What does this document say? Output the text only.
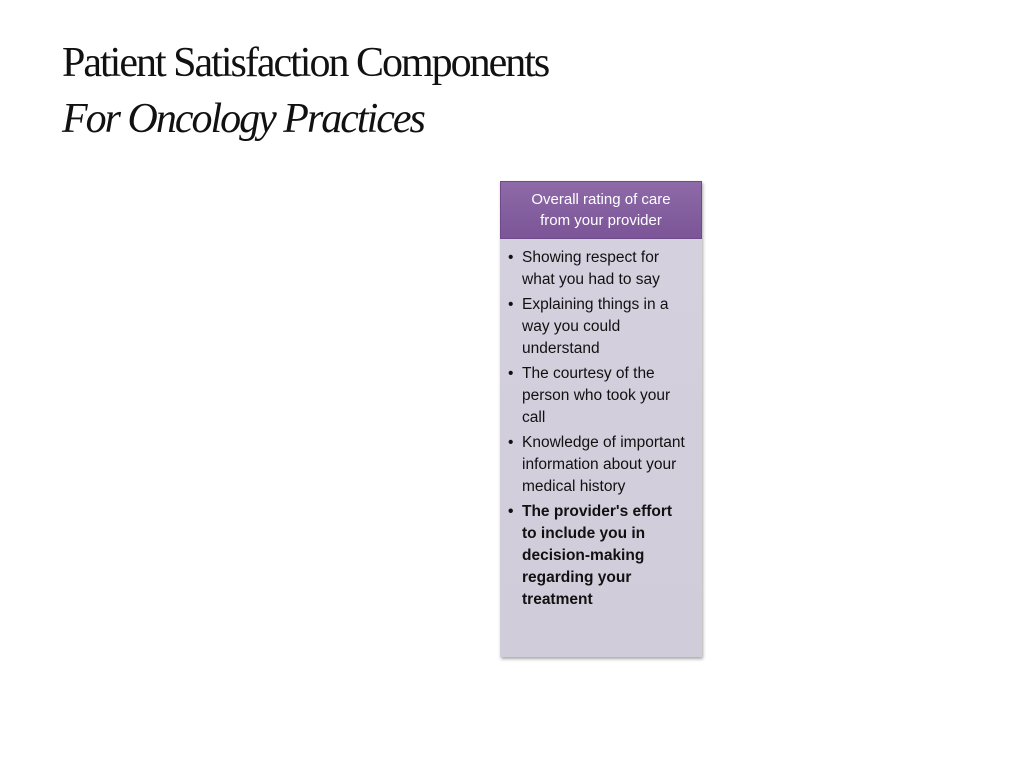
Patient Satisfaction Components
For Oncology Practices
Overall rating of care
from your provider
• Showing respect for what you had to say
• Explaining things in a way you could understand
• The courtesy of the person who took your call
• Knowledge of important information about your medical history
• The provider's effort to include you in decision-making regarding your treatment
